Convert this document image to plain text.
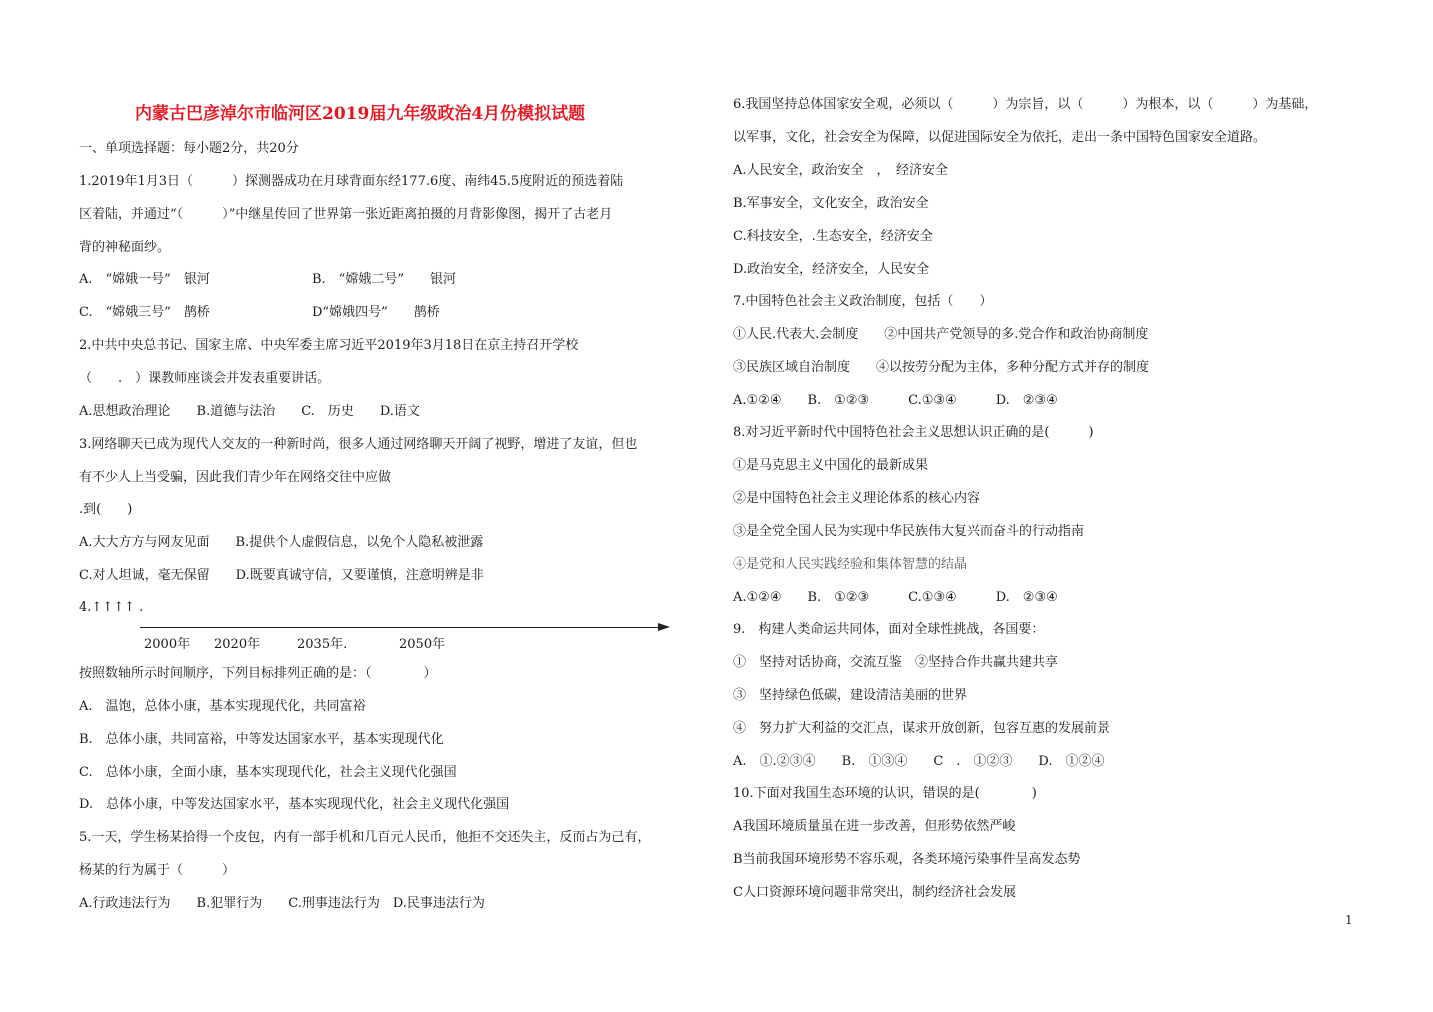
内蒙古巴彦淖尔市临河区2019届九年级政治4月份模拟试题
一、单项选择题：每小题2分，共20分
1.2019年1月3日（　　　）探测器成功在月球背面东经177.6度、南纬45.5度附近的预选着陆
区着陆，并通过“（　　　）”中继星传回了世界第一张近距离拍摄的月背影像图，揭开了古老月
背的神秘面纱。
A.　“嫦娥一号”　银河	B.　“嫦娥二号”　　银河
C.　“嫦娥三号”　鹊桥	D“嫦娥四号”　　鹊桥
2.中共中央总书记、国家主席、中央军委主席习近平2019年3月18日在京主持召开学校
（　　.　）课教师座谈会并发表重要讲话。
A.思想政治理论　　B.道德与法治　　C.　历史　　D.语文
3.网络聊天已成为现代人交友的一种新时尚，很多人通过网络聊天开阔了视野，增进了友谊，但也
有不少人上当受骗，因此我们青少年在网络交往中应做
.到(　　)
A.大大方方与网友见面　　B.提供个人虚假信息，以免个人隐私被泄露
C.对人坦诚，毫无保留　　D.既要真诚守信，又要谨慎，注意明辨是非
4.↑↑↑↑ .
2000年 2020年	2035年.	2050年
按照数轴所示时间顺序，下列目标排列正确的是：（　　　　）
A.　温饱，总体小康，基本实现现代化，共同富裕
B.　总体小康，共同富裕，中等发达国家水平，基本实现现代化
C.　总体小康，全面小康，基本实现现代化，社会主义现代化强国
D.　总体小康，中等发达国家水平，基本实现现代化，社会主义现代化强国
5.一天，学生杨某拾得一个皮包，内有一部手机和几百元人民币，他拒不交还失主，反而占为己有，
杨某的行为属于（　　　）
A.行政违法行为　　B.犯罪行为　　C.刑事违法行为　D.民事违法行为
6.我国坚持总体国家安全观，必须以（　　　）为宗旨，以（　　　）为根本，以（　　　）为基础，
以军事，文化，社会安全为保障，以促进国际安全为依托，走出一条中国特色国家安全道路。
A.人民安全，政治安全　，　经济安全
B.军事安全，文化安全，政治安全
C.科技安全，.生态安全，经济安全
D.政治安全，经济安全，人民安全
7.中国特色社会主义政治制度，包括（　　）
①人民.代表大.会制度　　②中国共产党领导的多.党合作和政治协商制度
③民族区域自治制度　　④以按劳分配为主体，多种分配方式并存的制度
A.①②④　　B.　①②③　　　C.①③④　　　D.　②③④
8.对习近平新时代中国特色社会主义思想认识正确的是(　　　)
①是马克思主义中国化的最新成果
②是中国特色社会主义理论体系的核心内容
③是全党全国人民为实现中华民族伟大复兴而奋斗的行动指南
④是党和人民实践经验和集体智慧的结晶
A.①②④　　B.　①②③　　　C.①③④　　　D.　②③④
9.　构建人类命运共同体，面对全球性挑战，各国要：
①　坚持对话协商，交流互鉴　②坚持合作共赢共建共享
③　坚持绿色低碳，建设清洁美丽的世界
④　努力扩大利益的交汇点，谋求开放创新，包容互惠的发展前景
A.　①.②③④　　B.　①③④　　C　.　①②③　　D.　①②④
10.下面对我国生态环境的认识，错误的是(　　　　)
A我国环境质量虽在进一步改善，但形势依然严峻
B当前我国环境形势不容乐观，各类环境污染事件呈高发态势
C人口资源环境问题非常突出，制约经济社会发展
1
